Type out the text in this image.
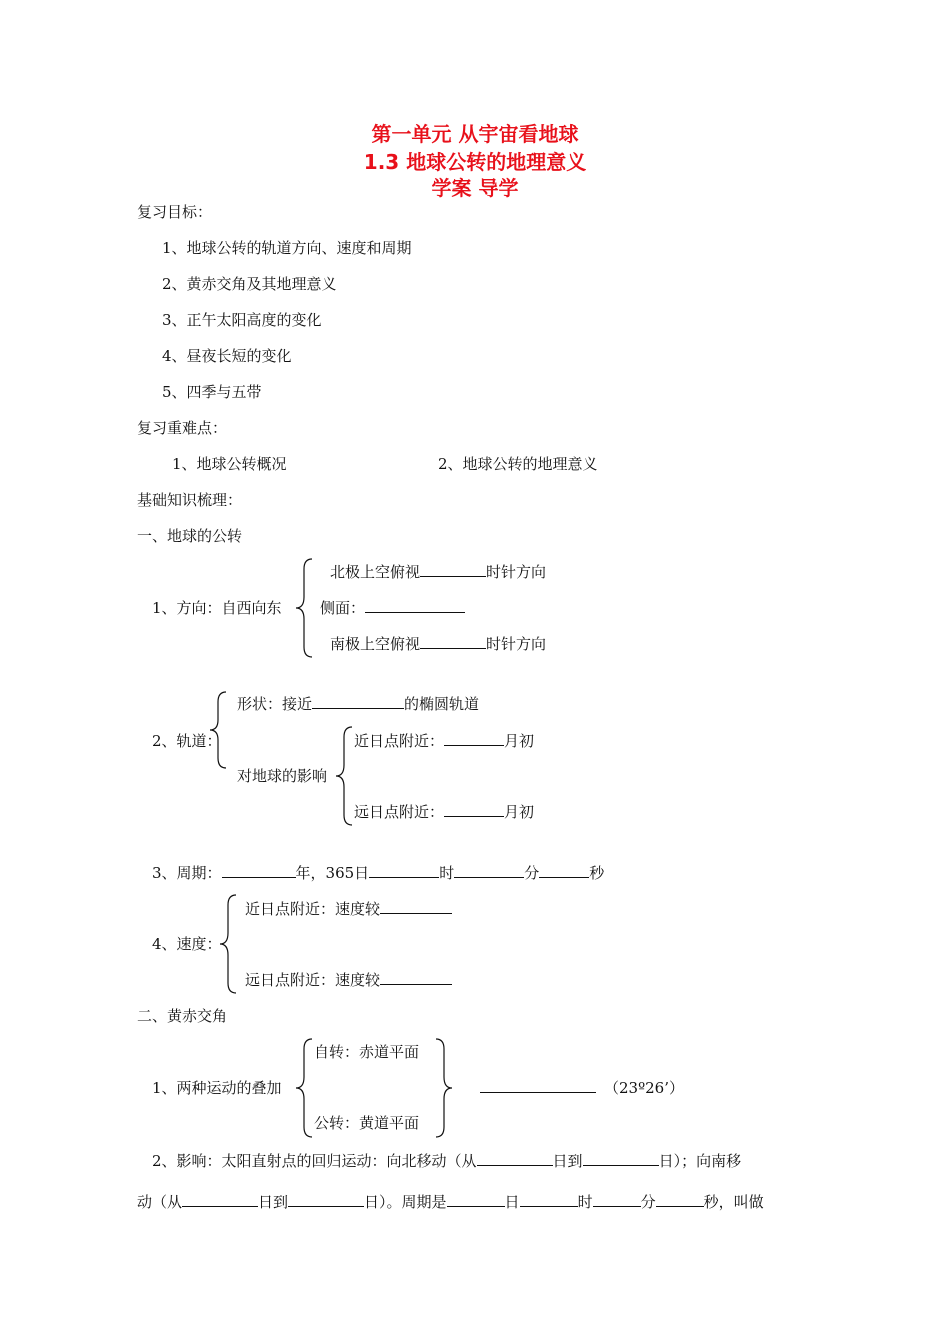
第一单元 从宇宙看地球
1.3 地球公转的地理意义
学案 导学
复习目标：
1、地球公转的轨道方向、速度和周期
2、黄赤交角及其地理意义
3、正午太阳高度的变化
4、昼夜长短的变化
5、四季与五带
复习重难点：
1、地球公转概况	2、地球公转的地理意义
基础知识梳理：
一、地球的公转
1、方向：自西向东
北极上空俯视	时针方向
侧面：
南极上空俯视	时针方向
2、轨道：
形状：接近	的椭圆轨道
对地球的影响
近日点附近：	月初
远日点附近：	月初
3、周期：	年，365日	时	分	秒
4、速度：
近日点附近：速度较
远日点附近：速度较
二、黄赤交角
1、两种运动的叠加
自转：赤道平面
公转：黄道平面
（23º26’）
2、影响：太阳直射点的回归运动：向北移动（从	日到	日）；向南移
动（从	日到	日）。周期是	日	时	分	秒，叫做
